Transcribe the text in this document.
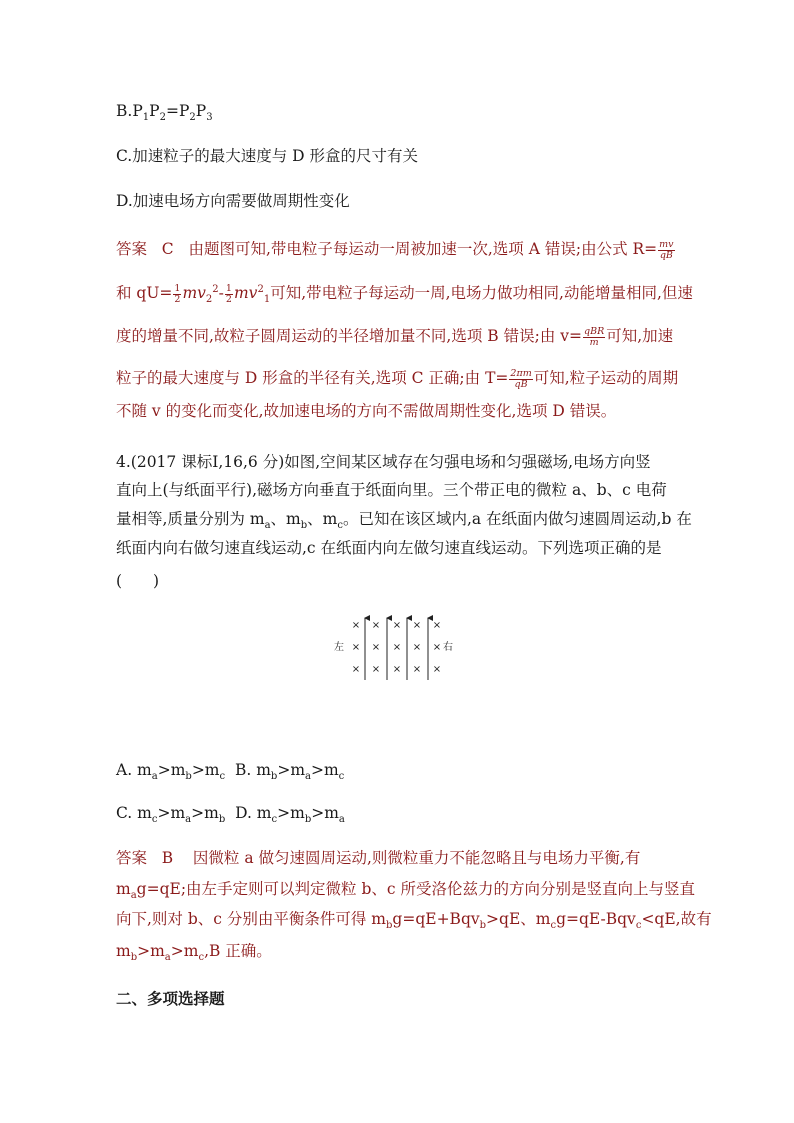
$B.P_1P_2=P_2P_3$
C.加速粒子的最大速度与 D 形盒的尺寸有关
D.加速电场方向需要做周期性变化
答案 C 由题图可知,带电粒子每运动一周被加速一次,选项 A 错误;由公式 $R= \frac{mv}{qB}$
和 $qU= \frac{1}{2} mv_2^2- \frac{1}{2} mv^2_1$可知,带电粒子每运动一周,电场力做功相同,动能增量相同,但速
度的增量不同,故粒子圆周运动的半径增加量不同,选项 B 错误;由 $v= \frac{\text{qBR}}{m}$ 可知,加速
粒子的最大速度与 D 形盒的半径有关,选项 C 正确;由 $T= \frac{2\pi m}{qB}$ 可知,粒子运动的周期
不随 v 的变化而变化,故加速电场的方向不需做周期性变化,选项 D 错误。
4.(2017 课标Ⅰ,16,6 分)如图,空间某区域存在匀强电场和匀强磁场,电场方向竖
直向上(与纸面平行),磁场方向垂直于纸面向里。三个带正电的微粒 a、b、c 电荷
量相等,质量分别为 $m_a$、$m_b$、$m_c$。已知在该区域内,a 在纸面内做匀速圆周运动,b 在
纸面内向右做匀速直线运动,c 在纸面内向左做匀速直线运动。下列选项正确的是
(　　)
× × × × ×
× × × × ×
× × × × ×
左	右
A. $m_a>m_b>m_c$ B. $m_b>m_a>m_c$
C. $m_c>m_a>m_b$ D. $m_c>m_b>m_a$
答案 B 因微粒 a 做匀速圆周运动,则微粒重力不能忽略且与电场力平衡,有
$m_ag=qE$;由左手定则可以判定微粒 b、c 所受洛伦兹力的方向分别是竖直向上与竖直
向下,则对 b、c 分别由平衡条件可得 $m_bg=qE+Bqv_b>qE$、$m_cg=qE-Bqv_c<qE$,故有
$m_b>m_a>m_c,B$ 正确。
二、多项选择题
